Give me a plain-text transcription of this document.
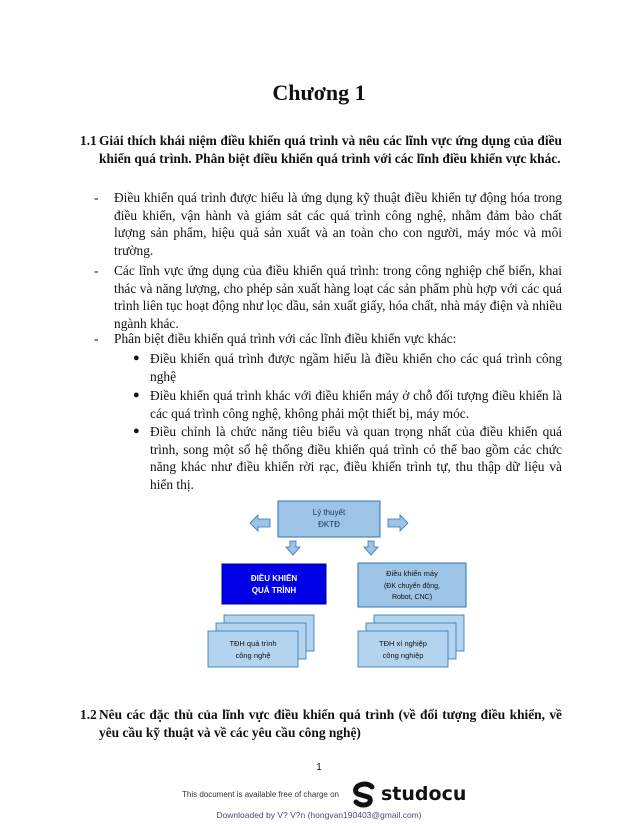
Chương 1
1.1 Giải thích khái niệm điều khiển quá trình và nêu các lĩnh vực ứng dụng của điều khiển quá trình. Phân biệt điều khiển quá trình với các lĩnh điều khiển vực khác.
- Điều khiển quá trình được hiểu là ứng dụng kỹ thuật điều khiển tự động hóa trong điều khiển, vận hành và giám sát các quá trình công nghệ, nhằm đảm bảo chất lượng sản phẩm, hiệu quả sản xuất và an toàn cho con người, máy móc và môi trường.
- Các lĩnh vực ứng dụng của điều khiển quá trình: trong công nghiệp chế biến, khai thác và năng lượng, cho phép sản xuất hàng loạt các sản phẩm phù hợp với các quá trình liên tục hoạt động như lọc dầu, sản xuất giấy, hóa chất, nhà máy điện và nhiều ngành khác.
- Phân biệt điều khiển quá trình với các lĩnh điều khiển vực khác:
● Điều khiển quá trình được ngầm hiểu là điều khiển cho các quá trình công nghệ
● Điều khiển quá trình khác với điều khiển máy ở chỗ đối tượng điều khiển là các quá trình công nghệ, không phải một thiết bị, máy móc.
● Điều chỉnh là chức năng tiêu biểu và quan trọng nhất của điều khiển quá trình, song một số hệ thống điều khiển quá trình có thể bao gồm các chức năng khác như điều khiển rời rạc, điều khiển trình tự, thu thập dữ liệu và hiển thị.
Lý thuyết
ĐKTĐ
ĐIỀU KHIỂN
QUÁ TRÌNH
Điều khiển máy
(ĐK chuyển động,
Robot, CNC)
TĐH quá trình
công nghệ
TĐH xí nghiệp
công nghiệp
1.2 Nêu các đặc thù của lĩnh vực điều khiển quá trình (về đối tượng điều khiển, về yêu cầu kỹ thuật và về các yêu cầu công nghệ)
1
This document is available free of charge on studocu
Downloaded by V? V?n (hongvan190403@gmail.com)
